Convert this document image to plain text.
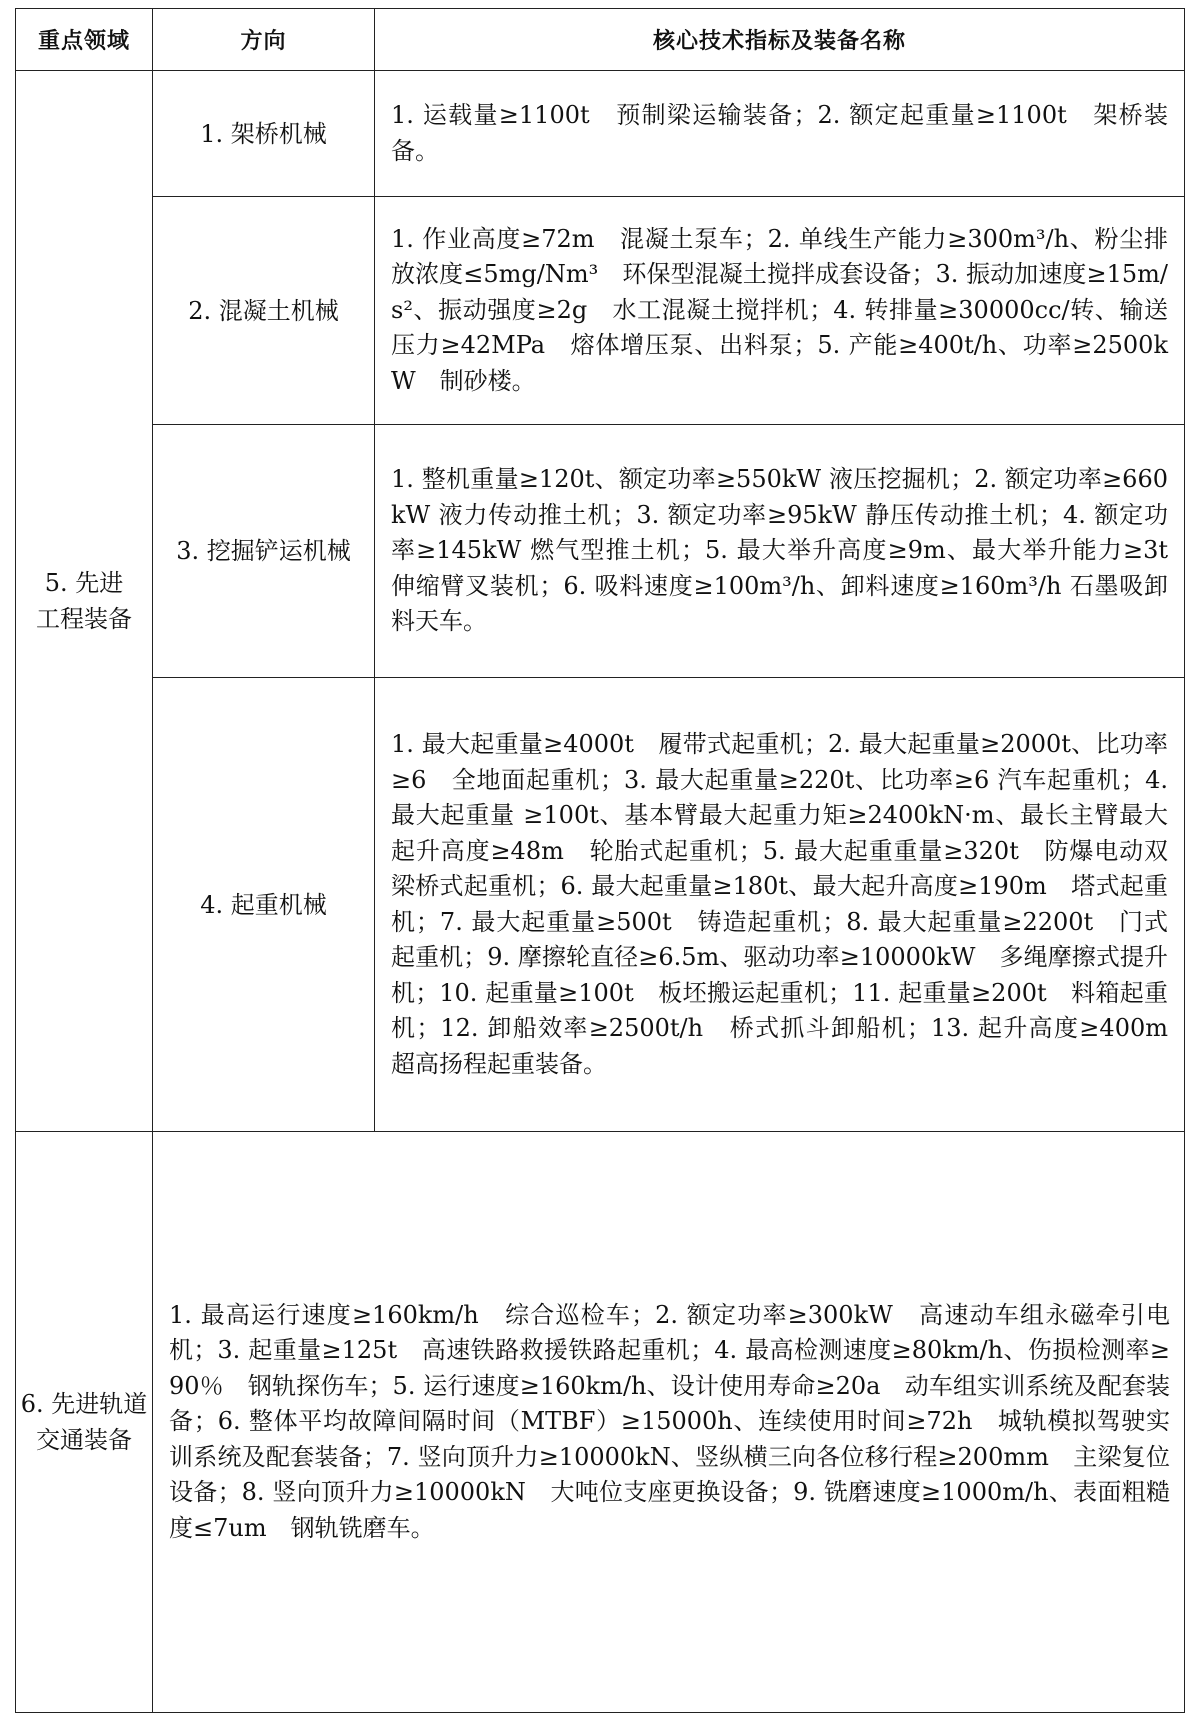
重点领域	方向	核心技术指标及装备名称

5. 先进
工程装备	1. 架桥机械	1. 运载量≥1100t　预制梁运输装备；2. 额定起重量≥1100t　架桥装备。
	2. 混凝土机械	1. 作业高度≥72m　混凝土泵车；2. 单线生产能力≥300m³/h、粉尘排放浓度≤5mg/Nm³　环保型混凝土搅拌成套设备；3. 振动加速度≥15m/s²、振动强度≥2g　水工混凝土搅拌机；4. 转排量≥30000cc/转、输送压力≥42MPa　熔体增压泵、出料泵；5. 产能≥400t/h、功率≥2500kW　制砂楼。
	3. 挖掘铲运机械	1. 整机重量≥120t、额定功率≥550kW 液压挖掘机；2. 额定功率≥660kW 液力传动推土机；3. 额定功率≥95kW 静压传动推土机；4. 额定功率≥145kW 燃气型推土机；5. 最大举升高度≥9m、最大举升能力≥3t 伸缩臂叉装机；6. 吸料速度≥100m³/h、卸料速度≥160m³/h 石墨吸卸料天车。
	4. 起重机械	1. 最大起重量≥4000t　履带式起重机；2. 最大起重量≥2000t、比功率≥6　全地面起重机；3. 最大起重量≥220t、比功率≥6 汽车起重机；4. 最大起重量 ≥100t、基本臂最大起重力矩≥2400kN·m、最长主臂最大起升高度≥48m　轮胎式起重机；5. 最大起重重量≥320t　防爆电动双梁桥式起重机；6. 最大起重量≥180t、最大起升高度≥190m　塔式起重机；7. 最大起重量≥500t　铸造起重机；8. 最大起重量≥2200t　门式起重机；9. 摩擦轮直径≥6.5m、驱动功率≥10000kW　多绳摩擦式提升机；10. 起重量≥100t　板坯搬运起重机；11. 起重量≥200t　料箱起重机；12. 卸船效率≥2500t/h　桥式抓斗卸船机；13. 起升高度≥400m　超高扬程起重装备。

6. 先进轨道
交通装备	1. 最高运行速度≥160km/h　综合巡检车；2. 额定功率≥300kW　高速动车组永磁牵引电机；3. 起重量≥125t　高速铁路救援铁路起重机；4. 最高检测速度≥80km/h、伤损检测率≥90％　钢轨探伤车；5. 运行速度≥160km/h、设计使用寿命≥20a　动车组实训系统及配套装备；6. 整体平均故障间隔时间（MTBF）≥15000h、连续使用时间≥72h　城轨模拟驾驶实训系统及配套装备；7. 竖向顶升力≥10000kN、竖纵横三向各位移行程≥200mm　主梁复位设备；8. 竖向顶升力≥10000kN　大吨位支座更换设备；9. 铣磨速度≥1000m/h、表面粗糙度≤7um　钢轨铣磨车。	
